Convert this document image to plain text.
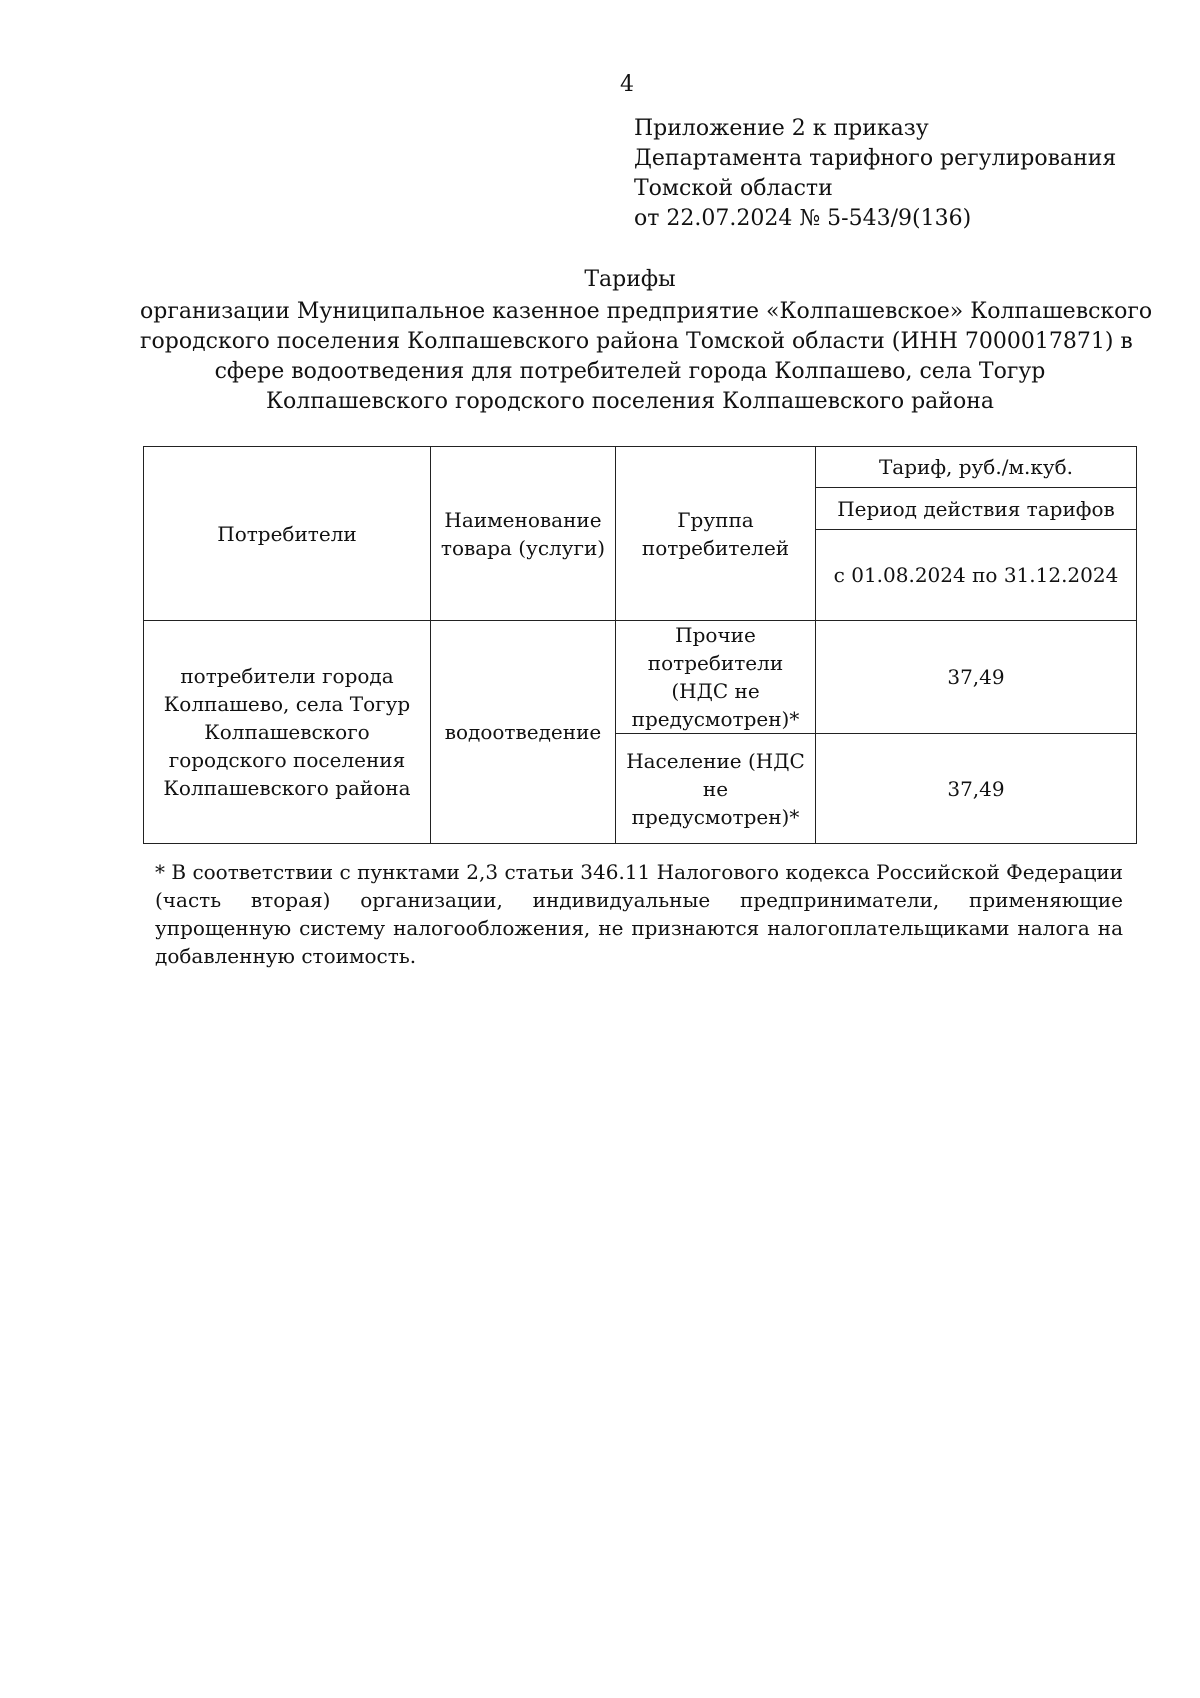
4
Приложение 2 к приказу
Департамента тарифного регулирования
Томской области
от 22.07.2024 № 5-543/9(136)
Тарифы
организации Муниципальное казенное предприятие «Колпашевское» Колпашевского
городского поселения Колпашевского района Томской области (ИНН 7000017871) в
сфере водоотведения для потребителей города Колпашево, села Тогур
Колпашевского городского поселения Колпашевского района
Потребители	Наименование товара (услуги)	Группа потребителей	Тариф, руб./м.куб.
			Период действия тарифов
			с 01.08.2024 по 31.12.2024
потребители города Колпашево, села Тогур Колпашевского городского поселения Колпашевского района	водоотведение	Прочие потребители (НДС не предусмотрен)*	37,49
		Население (НДС не предусмотрен)*	37,49
* В соответствии с пунктами 2,3 статьи 346.11 Налогового кодекса Российской Федерации (часть вторая) организации, индивидуальные предприниматели, применяющие упрощенную систему налогообложения, не признаются налогоплательщиками налога на добавленную стоимость.
